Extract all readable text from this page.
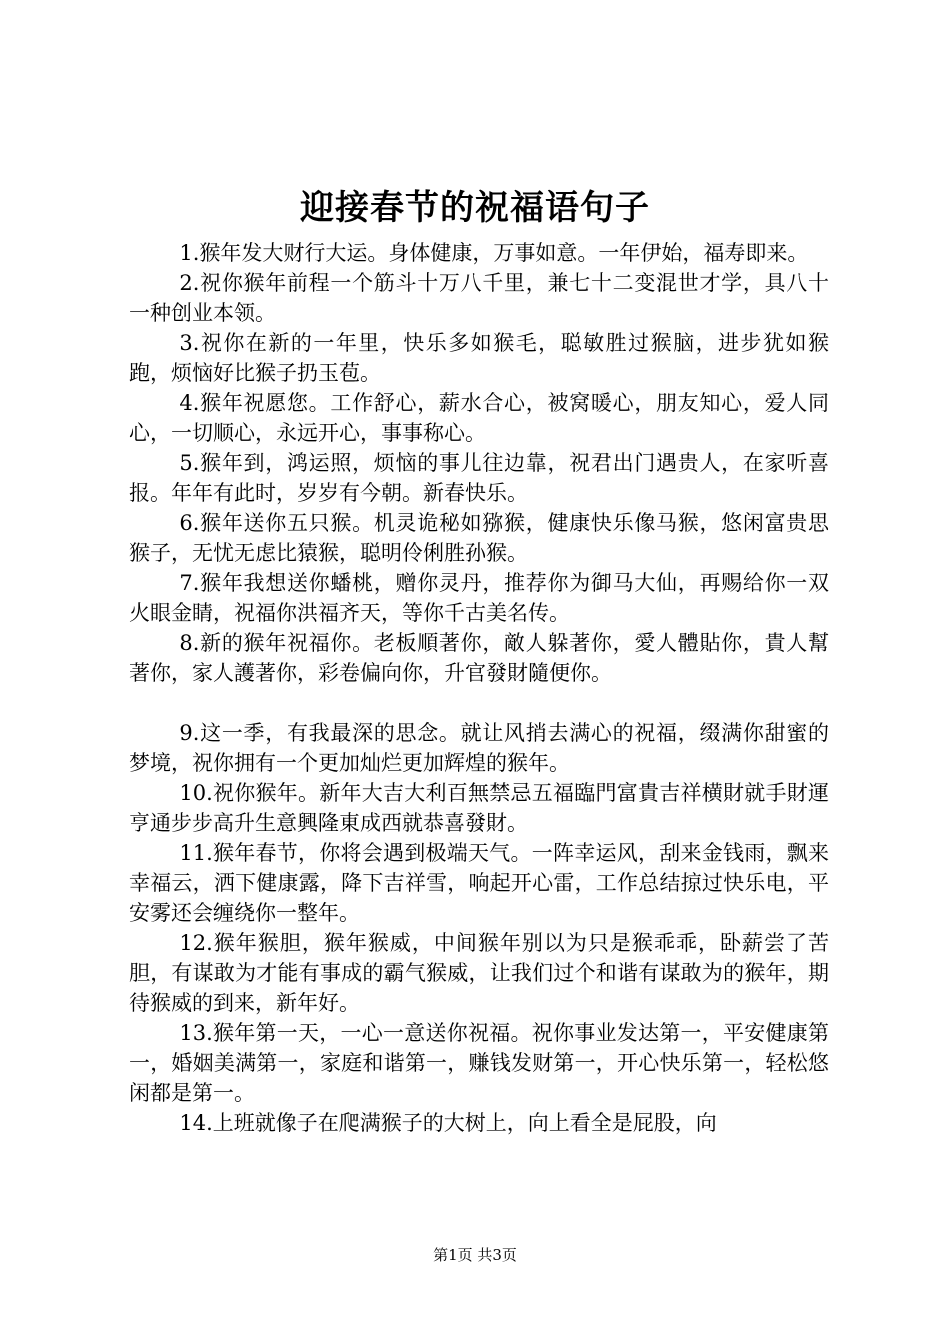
迎接春节的祝福语句子

1.猴年发大财行大运。身体健康，万事如意。一年伊始，福寿即来。

2.祝你猴年前程一个筋斗十万八千里，兼七十二变混世才学，具八十一种创业本领。

3.祝你在新的一年里，快乐多如猴毛，聪敏胜过猴脑，进步犹如猴跑，烦恼好比猴子扔玉苞。

4.猴年祝愿您。工作舒心，薪水合心，被窝暖心，朋友知心，爱人同心，一切顺心，永远开心，事事称心。

5.猴年到，鸿运照，烦恼的事儿往边靠，祝君出门遇贵人，在家听喜报。年年有此时，岁岁有今朝。新春快乐。

6.猴年送你五只猴。机灵诡秘如猕猴，健康快乐像马猴，悠闲富贵思猴子，无忧无虑比猿猴，聪明伶俐胜孙猴。

7.猴年我想送你蟠桃，赠你灵丹，推荐你为御马大仙，再赐给你一双火眼金睛，祝福你洪福齐天，等你千古美名传。

8.新的猴年祝福你。老板順著你，敵人躲著你，愛人體貼你，貴人幫著你，家人護著你，彩卷偏向你，升官發財隨便你。

9.这一季，有我最深的思念。就让风捎去满心的祝福，缀满你甜蜜的梦境，祝你拥有一个更加灿烂更加辉煌的猴年。

10.祝你猴年。新年大吉大利百無禁忌五福臨門富貴吉祥横財就手財運亨通步步高升生意興隆東成西就恭喜發財。

11.猴年春节，你将会遇到极端天气。一阵幸运风，刮来金钱雨，飘来幸福云，洒下健康露，降下吉祥雪，响起开心雷，工作总结掠过快乐电，平安雾还会缠绕你一整年。

12.猴年猴胆，猴年猴威，中间猴年别以为只是猴乖乖，卧薪尝了苦胆，有谋敢为才能有事成的霸气猴威，让我们过个和谐有谋敢为的猴年，期待猴威的到来，新年好。

13.猴年第一天，一心一意送你祝福。祝你事业发达第一，平安健康第一，婚姻美满第一，家庭和谐第一，赚钱发财第一，开心快乐第一，轻松悠闲都是第一。

14.上班就像子在爬满猴子的大树上，向上看全是屁股，向

第1页 共3页
